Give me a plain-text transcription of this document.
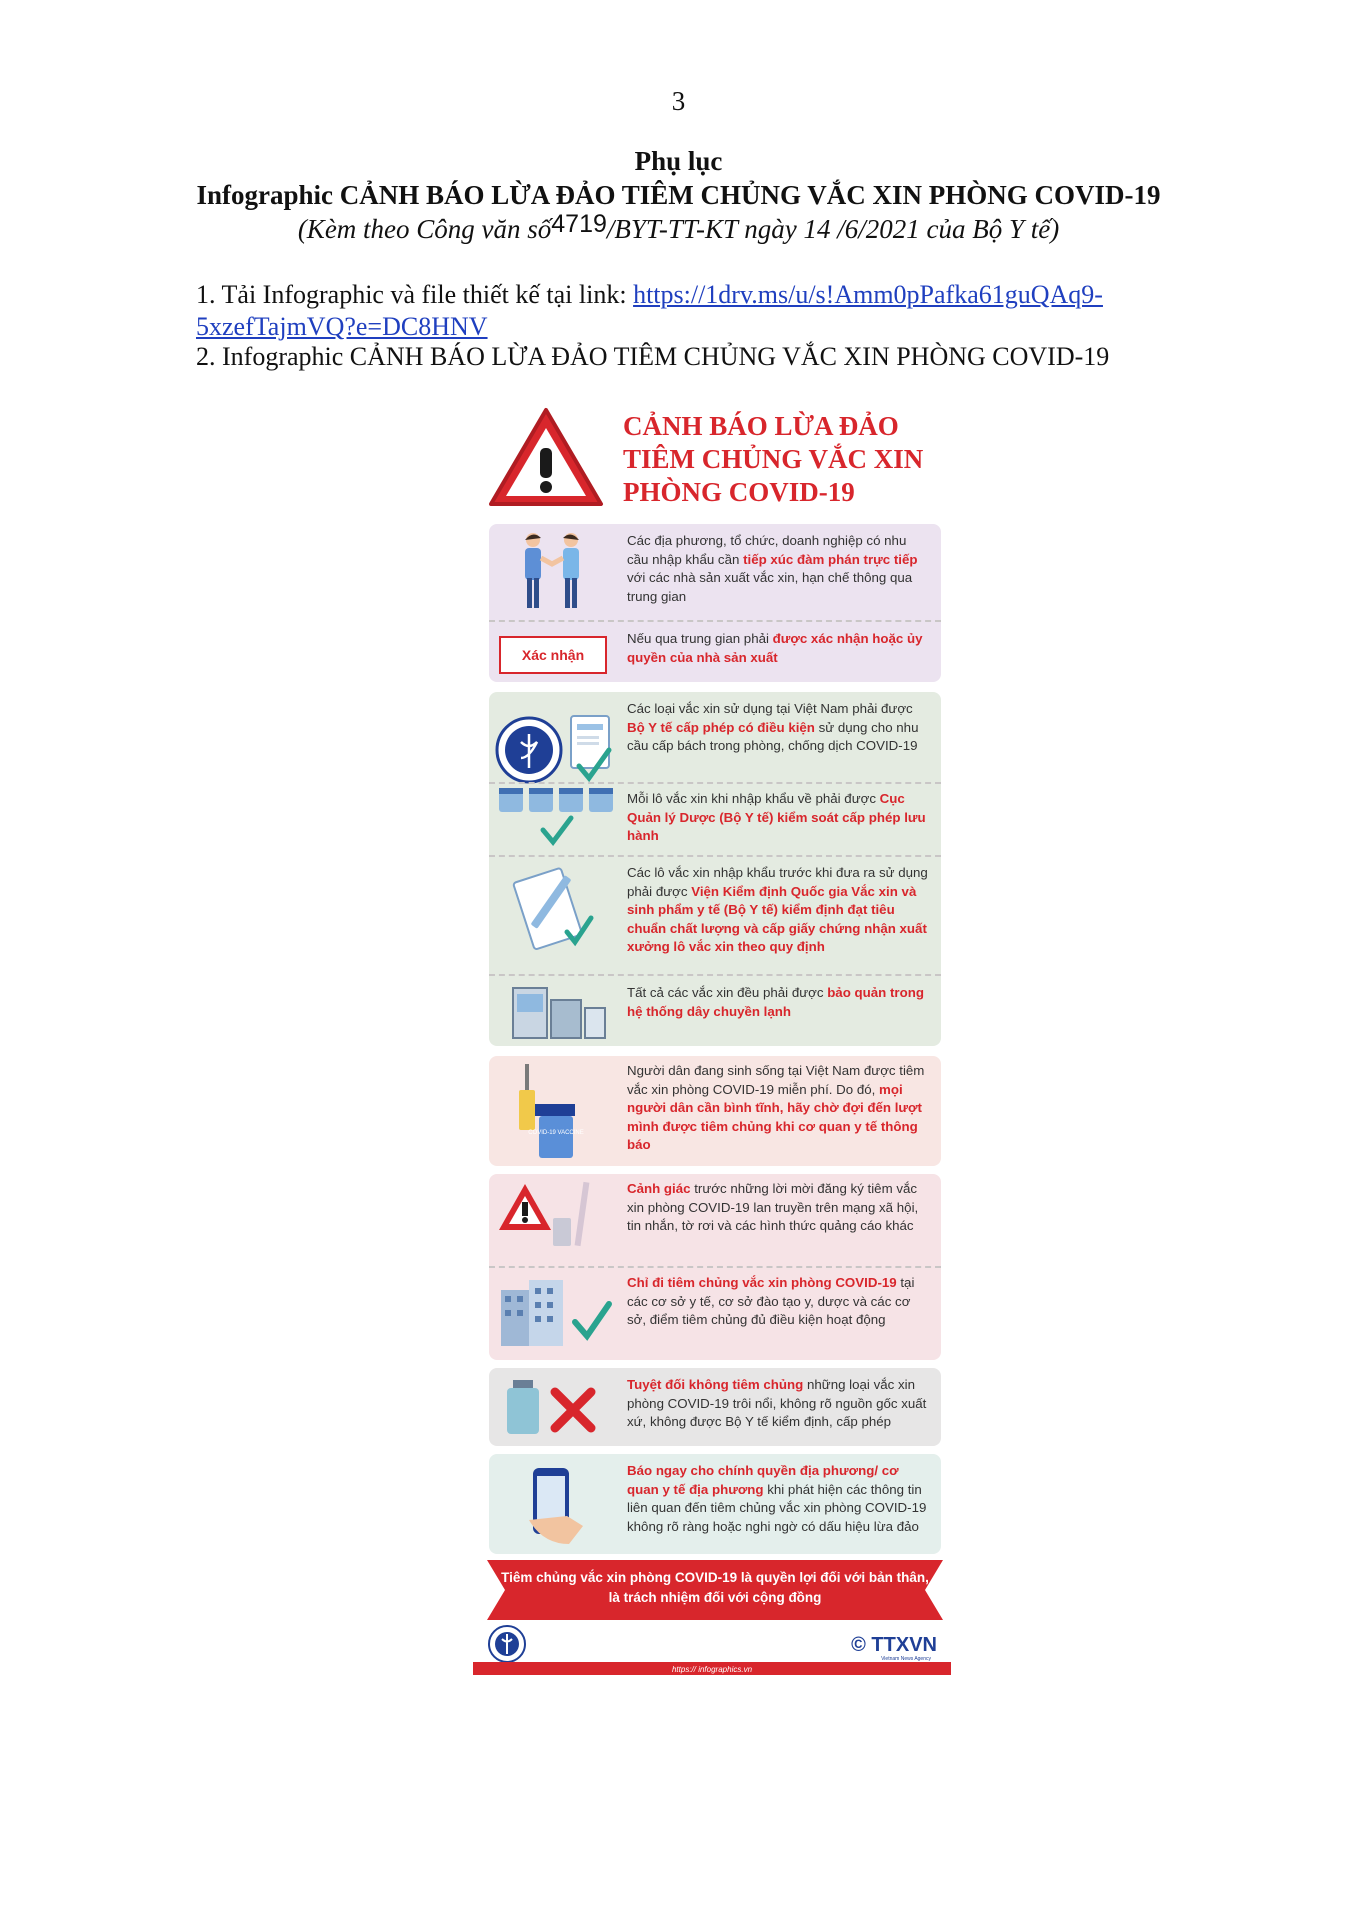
3
Phụ lục
Infographic CẢNH BÁO LỪA ĐẢO TIÊM CHỦNG VẮC XIN PHÒNG COVID-19
(Kèm theo Công văn số4719/BYT-TT-KT ngày 14 /6/2021 của Bộ Y tế)
1. Tải Infographic và file thiết kế tại link: https://1drv.ms/u/s!Amm0pPafka61guQAq9-5xzefTajmVQ?e=DC8HNV
2. Infographic CẢNH BÁO LỪA ĐẢO TIÊM CHỦNG VẮC XIN PHÒNG COVID-19
CẢNH BÁO LỪA ĐẢO
TIÊM CHỦNG VẮC XIN
PHÒNG COVID-19
Các địa phương, tổ chức, doanh nghiệp có nhu cầu nhập khẩu cần tiếp xúc đàm phán trực tiếp với các nhà sản xuất vắc xin, hạn chế thông qua trung gian
Xác nhận
Nếu qua trung gian phải được xác nhận hoặc ủy quyền của nhà sản xuất
Các loại vắc xin sử dụng tại Việt Nam phải được Bộ Y tế cấp phép có điều kiện sử dụng cho nhu cầu cấp bách trong phòng, chống dịch COVID-19
Mỗi lô vắc xin khi nhập khẩu về phải được Cục Quản lý Dược (Bộ Y tế) kiểm soát cấp phép lưu hành
Các lô vắc xin nhập khẩu trước khi đưa ra sử dụng phải được Viện Kiểm định Quốc gia Vắc xin và sinh phẩm y tế (Bộ Y tế) kiểm định đạt tiêu chuẩn chất lượng và cấp giấy chứng nhận xuất xưởng lô vắc xin theo quy định
Tất cả các vắc xin đều phải được bảo quản trong hệ thống dây chuyền lạnh
COVID-19 VACCINE
Người dân đang sinh sống tại Việt Nam được tiêm vắc xin phòng COVID-19 miễn phí. Do đó, mọi người dân cần bình tĩnh, hãy chờ đợi đến lượt mình được tiêm chủng khi cơ quan y tế thông báo
Cảnh giác trước những lời mời đăng ký tiêm vắc xin phòng COVID-19 lan truyền trên mạng xã hội, tin nhắn, tờ rơi và các hình thức quảng cáo khác
Chỉ đi tiêm chủng vắc xin phòng COVID-19 tại các cơ sở y tế, cơ sở đào tạo y, dược và các cơ sở, điểm tiêm chủng đủ điều kiện hoạt động
Tuyệt đối không tiêm chủng những loại vắc xin phòng COVID-19 trôi nổi, không rõ nguồn gốc xuất xứ, không được Bộ Y tế kiểm định, cấp phép
Báo ngay cho chính quyền địa phương/ cơ quan y tế địa phương khi phát hiện các thông tin liên quan đến tiêm chủng vắc xin phòng COVID-19 không rõ ràng hoặc nghi ngờ có dấu hiệu lừa đảo
Tiêm chủng vắc xin phòng COVID-19 là quyền lợi đối với bản thân,
là trách nhiệm đối với cộng đồng
© TTXVN
Vietnam News Agency
https:// infographics.vn
